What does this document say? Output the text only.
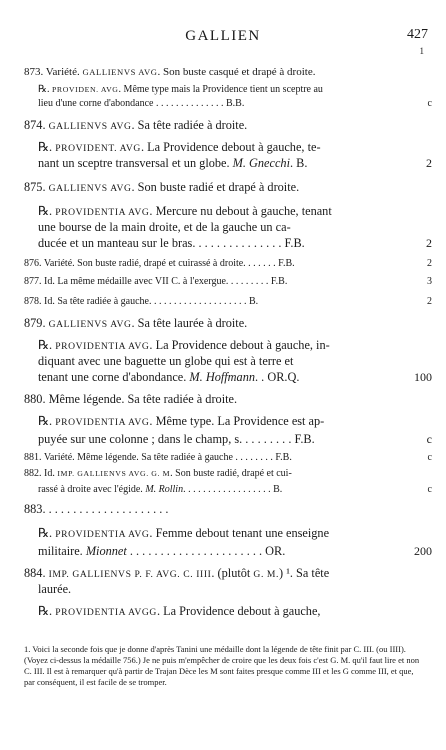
GALLIEN	427
1
873. Variété. GALLIENVS AVG. Son buste casqué et drapé à droite.
℞. PROVIDEN. AVG. Même type mais la Providence tient un sceptre au
lieu d'une corne d'abondance . . . . . . . . . . . . . . B.B.
874. GALLIENVS AVG. Sa tête radiée à droite.
℞. PROVIDENT. AVG. La Providence debout à gauche, te-
nant un sceptre transversal et un globe. M. Gnecchi. B.
875. GALLIENVS AVG. Son buste radié et drapé à droite.
℞. PROVIDENTIA AVG. Mercure nu debout à gauche, tenant
une bourse de la main droite, et de la gauche un ca-
ducée et un manteau sur le bras. . . . . . . . . . . . . . . F.B.
876. Variété. Son buste radié, drapé et cuirassé à droite. . . . . . . F.B.
877. Id. La même médaille avec VII C. à l'exergue. . . . . . . . . F.B.
878. Id. Sa tête radiée à gauche. . . . . . . . . . . . . . . . . . . . B.
879. GALLIENVS AVG. Sa tête laurée à droite.
℞. PROVIDENTIA AVG. La Providence debout à gauche, in-
diquant avec une baguette un globe qui est à terre et
tenant une corne d'abondance. M. Hoffmann. . OR.Q.
880. Même légende. Sa tête radiée à droite.
℞. PROVIDENTIA AVG. Même type. La Providence est ap-
puyée sur une colonne ; dans le champ, s. . . . . . . . . F.B.
881. Variété. Même légende. Sa tête radiée à gauche . . . . . . . . F.B.
882. Id. IMP. GALLIENVS AVG. G. M. Son buste radié, drapé et cui-
rassé à droite avec l'égide. M. Rollin. . . . . . . . . . . . . . . . . . B.
883. . . . . . . . . . . . . . . . . . . . .
℞. PROVIDENTIA AVG. Femme debout tenant une enseigne
militaire. Mionnet . . . . . . . . . . . . . . . . . . . . . . OR.
884. IMP. GALLIENVS P. F. AVG. C. IIII. (plutôt G. M.) ¹. Sa tête
laurée.
℞. PROVIDENTIA AVGG. La Providence debout à gauche,
c
2
2
2
3
2
100
c
c
c
200
1. Voici la seconde fois que je donne d'après Tanini une médaille dont la légende de tête finit par C. III. (ou IIII). (Voyez ci-dessus la médaille 756.) Je ne puis m'empêcher de croire que les deux fois c'est G. M. qu'il faut lire et non C. III. Il est à remarquer qu'à partir de Trajan Dèce les M sont faites presque comme III et les G comme III, et que, par conséquent, il est facile de se tromper.
